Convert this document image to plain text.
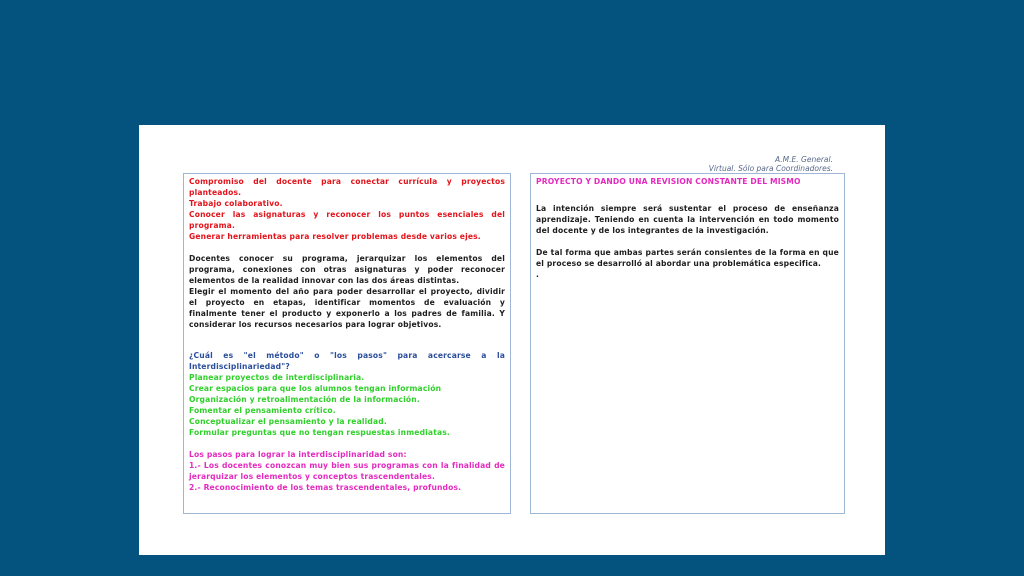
A.M.E. General.
Virtual. Sólo para Coordinadores.

Compromiso del docente para conectar currícula y proyectos planteados.

Trabajo colaborativo.

Conocer las asignaturas y reconocer los puntos esenciales del programa.

Generar herramientas para resolver problemas desde varios ejes.

Docentes conocer su programa, jerarquizar los elementos del programa, conexiones con otras asignaturas y poder reconocer elementos de la realidad innovar con las dos áreas distintas.

Elegir el momento del año para poder desarrollar el proyecto, dividir el proyecto en etapas, identificar momentos de evaluación y finalmente tener el producto y exponerlo a los padres de familia. Y considerar los recursos necesarios para lograr objetivos.

¿Cuál es "el método" o "los pasos" para acercarse a la Interdisciplinariedad"?

Planear proyectos de interdisciplinaria.

Crear espacios para que los alumnos tengan información

Organización y retroalimentación de la información.

Fomentar el pensamiento crítico.

Conceptualizar el pensamiento y la realidad.

Formular preguntas que no tengan respuestas inmediatas.

Los pasos para lograr la interdisciplinaridad son:

1.- Los docentes conozcan muy bien sus programas con la finalidad de jerarquizar los elementos y conceptos trascendentales.

2.- Reconocimiento de los temas trascendentales, profundos.

PROYECTO Y DANDO UNA REVISION CONSTANTE DEL MISMO

La intención siempre será sustentar el proceso de enseñanza aprendizaje. Teniendo en cuenta la intervención en todo momento del docente y de los integrantes de la investigación.

De tal forma que ambas partes serán consientes de la forma en que el proceso se desarrolló al abordar una problemática especifica.

.
